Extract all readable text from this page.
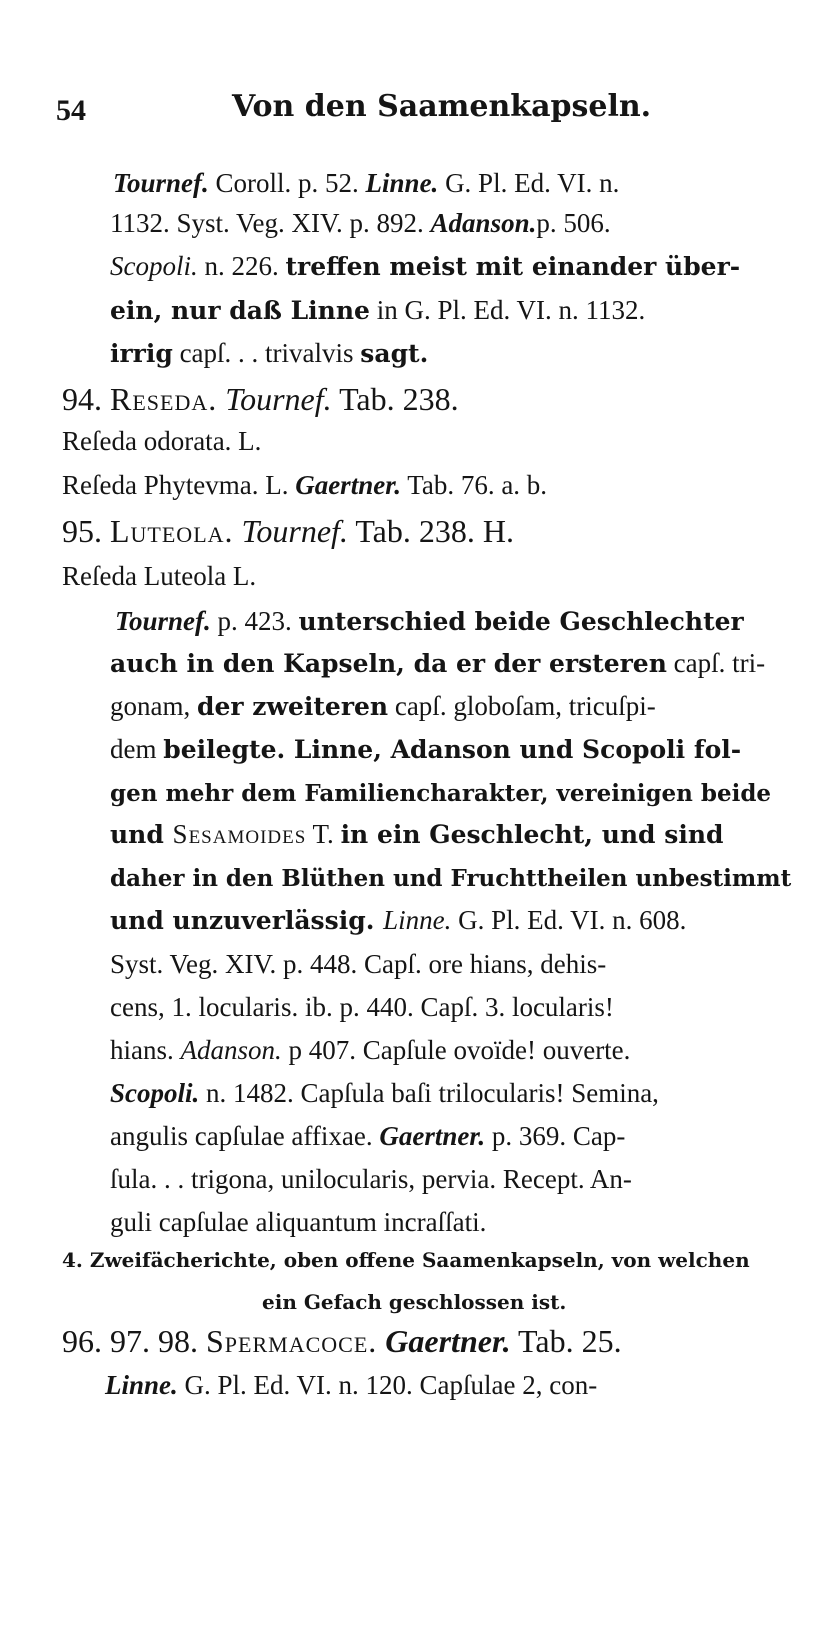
54	Von den Saamenkapseln.
Tournef. Coroll. p. 52. Linne. G. Pl. Ed. VI. n.
1132. Syst. Veg. XIV. p. 892. Adanson.p. 506.
Scopoli. n. 226. treffen meist mit einander über-
ein, nur daß Linne in G. Pl. Ed. VI. n. 1132.
irrig capſ. . . trivalvis sagt.
94. Reseda. Tournef. Tab. 238.
Reſeda odorata. L.
Reſeda Phytevma. L. Gaertner. Tab. 76. a. b.
95. Luteola. Tournef. Tab. 238. H.
Reſeda Luteola L.
Tournef. p. 423. unterschied beide Geschlechter
auch in den Kapseln, da er der ersteren capſ. tri-
gonam, der zweiteren capſ. globoſam, tricuſpi-
dem beilegte. Linne, Adanson und Scopoli fol-
gen mehr dem Familiencharakter, vereinigen beide
und Sesamoides T. in ein Geschlecht, und sind
daher in den Blüthen und Fruchttheilen unbestimmt
und unzuverlässig. Linne. G. Pl. Ed. VI. n. 608.
Syst. Veg. XIV. p. 448. Capſ. ore hians, dehis-
cens, 1. locularis. ib. p. 440. Capſ. 3. locularis!
hians. Adanson. p 407. Capſule ovoïde! ouverte.
Scopoli. n. 1482. Capſula baſi trilocularis! Semina,
angulis capſulae affixae. Gaertner. p. 369. Cap-
ſula. . . trigona, unilocularis, pervia. Recept. An-
guli capſulae aliquantum incraſſati.
4. Zweifächerichte, oben offene Saamenkapseln, von welchen
ein Gefach geschlossen ist.
96. 97. 98. Spermacoce. Gaertner. Tab. 25.
Linne. G. Pl. Ed. VI. n. 120. Capſulae 2, con-
